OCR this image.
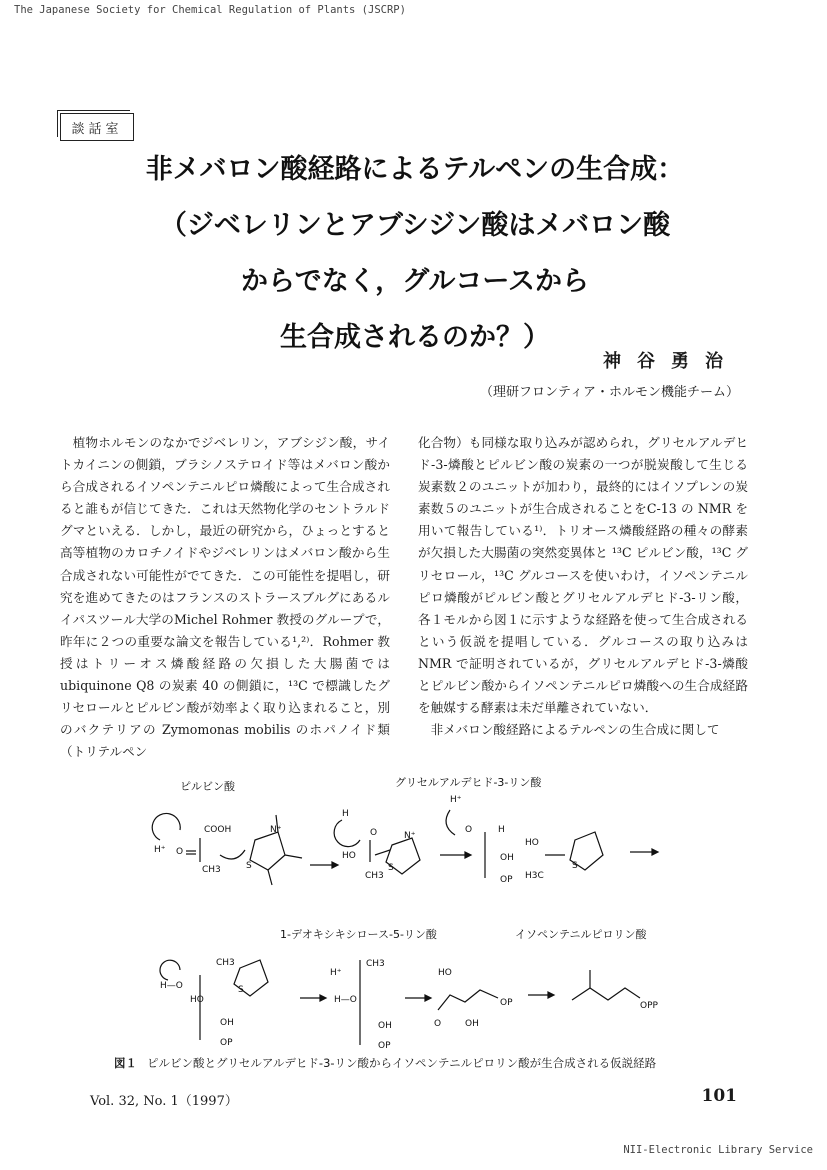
The Japanese Society for Chemical Regulation of Plants (JSCRP)
談話室
非メバロン酸経路によるテルペンの生合成：
（ジベレリンとアブシジン酸はメバロン酸
からでなく，グルコースから
生合成されるのか？）
神谷勇治
（理研フロンティア・ホルモン機能チーム）

植物ホルモンのなかでジベレリン，アブシジン酸，サイトカイニンの側鎖，ブラシノステロイド等はメバロン酸から合成されるイソペンテニルピロ燐酸によって生合成されると誰もが信じてきた．これは天然物化学のセントラルドグマといえる．しかし，最近の研究から，ひょっとすると高等植物のカロチノイドやジベレリンはメバロン酸から生合成されない可能性がでてきた．この可能性を提唱し，研究を進めてきたのはフランスのストラースブルグにあるルイパスツール大学のMichel Rohmer 教授のグループで，昨年に２つの重要な論文を報告している¹,²⁾．Rohmer 教授はトリーオス燐酸経路の欠損した大腸菌では ubiquinone Q8 の炭素 40 の側鎖に，¹³C で標識したグリセロールとピルビン酸が効率よく取り込まれること，別のバクテリアの Zymomonas mobilis のホパノイド類（トリテルペン

化合物）も同様な取り込みが認められ，グリセルアルデヒド-3-燐酸とピルビン酸の炭素の一つが脱炭酸して生じる炭素数２のユニットが加わり，最終的にはイソプレンの炭素数５のユニットが生合成されることをC-13 の NMR を用いて報告している¹⁾．トリオース燐酸経路の種々の酵素が欠損した大腸菌の突然変異体と ¹³C ピルビン酸，¹³C グリセロール，¹³C グルコースを使いわけ，イソペンテニルピロ燐酸がピルビン酸とグリセルアルデヒド-3-リン酸，各１モルから図１に示すような経路を使って生合成されるという仮説を提唱している．グルコースの取り込みは NMR で証明されているが，グリセルアルデヒド-3-燐酸とピルビン酸からイソペンテニルピロ燐酸への生合成経路を触媒する酵素は未だ単離されていない．

非メバロン酸経路によるテルペンの生合成に関して

ピルビン酸	グリセルアルデヒド-3-リン酸
1-デオキシキシロース-5-リン酸	イソペンテニルピロリン酸
H⁺ O
COOH
CH3
N⁺
S
H
O
HO
CH3
N⁺
S
H⁺
O	H
OH
OP
HO
H3C
S
H—O
HO
OH
OP
CH3
S
H⁺
H—O
CH3
OH
OP
HO
O	OH
OP	OPP
図１ ピルビン酸とグリセルアルデヒド-3-リン酸からイソペンテニルピロリン酸が生合成される仮説経路
Vol. 32, No. 1（1997）	101
NII-Electronic Library Service
